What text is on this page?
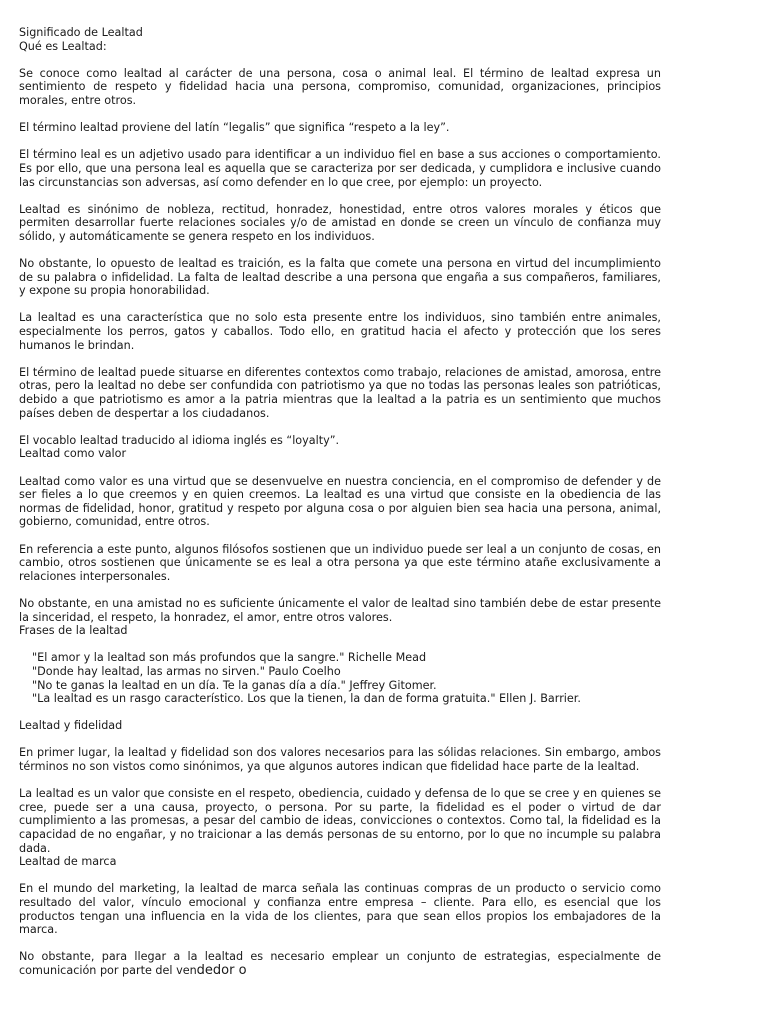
Significado de Lealtad

Qué es Lealtad:

Se conoce como lealtad al carácter de una persona, cosa o animal leal. El término de lealtad expresa un sentimiento de respeto y fidelidad hacia una persona, compromiso, comunidad, organizaciones, principios morales, entre otros.

El término lealtad proviene del latín “legalis” que significa “respeto a la ley”.

El término leal es un adjetivo usado para identificar a un individuo fiel en base a sus acciones o comportamiento. Es por ello, que una persona leal es aquella que se caracteriza por ser dedicada, y cumplidora e inclusive cuando las circunstancias son adversas, así como defender en lo que cree, por ejemplo: un proyecto.

Lealtad es sinónimo de nobleza, rectitud, honradez, honestidad, entre otros valores morales y éticos que permiten desarrollar fuerte relaciones sociales y/o de amistad en donde se creen un vínculo de confianza muy sólido, y automáticamente se genera respeto en los individuos.

No obstante, lo opuesto de lealtad es traición, es la falta que comete una persona en virtud del incumplimiento de su palabra o infidelidad. La falta de lealtad describe a una persona que engaña a sus compañeros, familiares, y expone su propia honorabilidad.

La lealtad es una característica que no solo esta presente entre los individuos, sino también entre animales, especialmente los perros, gatos y caballos. Todo ello, en gratitud hacia el afecto y protección que los seres humanos le brindan.

El término de lealtad puede situarse en diferentes contextos como trabajo, relaciones de amistad, amorosa, entre otras, pero la lealtad no debe ser confundida con patriotismo ya que no todas las personas leales son patrióticas, debido a que patriotismo es amor a la patria mientras que la lealtad a la patria es un sentimiento que muchos países deben de despertar a los ciudadanos.

El vocablo lealtad traducido al idioma inglés es “loyalty”.

Lealtad como valor

Lealtad como valor es una virtud que se desenvuelve en nuestra conciencia, en el compromiso de defender y de ser fieles a lo que creemos y en quien creemos. La lealtad es una virtud que consiste en la obediencia de las normas de fidelidad, honor, gratitud y respeto por alguna cosa o por alguien bien sea hacia una persona, animal, gobierno, comunidad, entre otros.

En referencia a este punto, algunos filósofos sostienen que un individuo puede ser leal a un conjunto de cosas, en cambio, otros sostienen que únicamente se es leal a otra persona ya que este término atañe exclusivamente a relaciones interpersonales.

No obstante, en una amistad no es suficiente únicamente el valor de lealtad sino también debe de estar presente la sinceridad, el respeto, la honradez, el amor, entre otros valores.

Frases de la lealtad

"El amor y la lealtad son más profundos que la sangre." Richelle Mead

"Donde hay lealtad, las armas no sirven." Paulo Coelho

"No te ganas la lealtad en un día. Te la ganas día a día." Jeffrey Gitomer.

"La lealtad es un rasgo característico. Los que la tienen, la dan de forma gratuita." Ellen J. Barrier.

Lealtad y fidelidad

En primer lugar, la lealtad y fidelidad son dos valores necesarios para las sólidas relaciones. Sin embargo, ambos términos no son vistos como sinónimos, ya que algunos autores indican que fidelidad hace parte de la lealtad.

La lealtad es un valor que consiste en el respeto, obediencia, cuidado y defensa de lo que se cree y en quienes se cree, puede ser a una causa, proyecto, o persona. Por su parte, la fidelidad es el poder o virtud de dar cumplimiento a las promesas, a pesar del cambio de ideas, convicciones o contextos. Como tal, la fidelidad es la capacidad de no engañar, y no traicionar a las demás personas de su entorno, por lo que no incumple su palabra dada.

Lealtad de marca

En el mundo del marketing, la lealtad de marca señala las continuas compras de un producto o servicio como resultado del valor, vínculo emocional y confianza entre empresa – cliente. Para ello, es esencial que los productos tengan una influencia en la vida de los clientes, para que sean ellos propios los embajadores de la marca.

No obstante, para llegar a la lealtad es necesario emplear un conjunto de estrategias, especialmente de comunicación por parte del vendedor o
